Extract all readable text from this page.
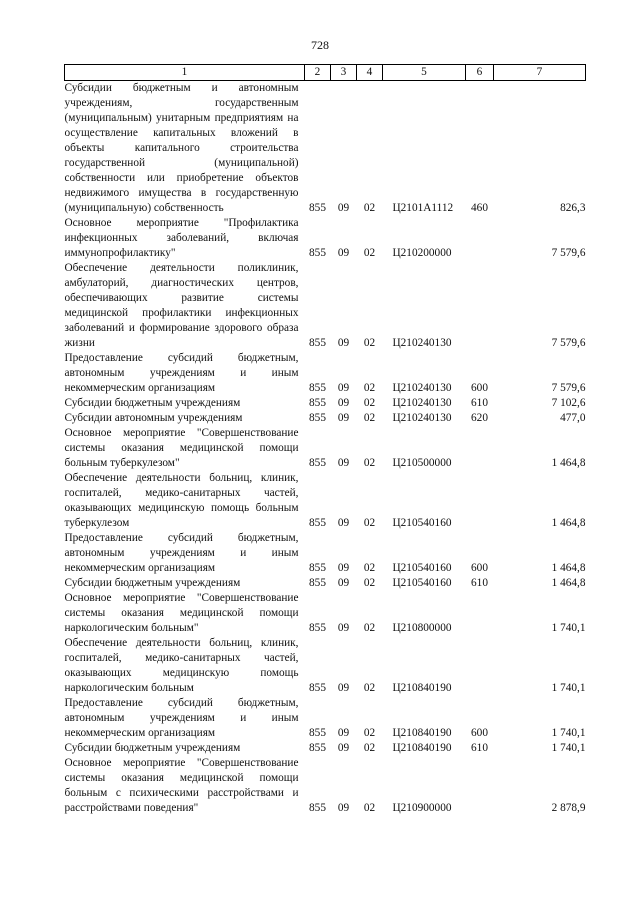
728
1	2	3	4	5	6	7
Субсидии бюджетным и автономным учреждениям, государственным (муниципальным) унитарным предприятиям на осуществление капитальных вложений в объекты капитального строительства государственной (муниципальной) собственности или приобретение объектов недвижимого имущества в государственную (муниципальную) собственность	855	09	02	Ц2101А1112	460	826,3
Основное мероприятие "Профилактика инфекционных заболеваний, включая иммунопрофилактику"	855	09	02	Ц210200000		7 579,6
Обеспечение деятельности поликлиник, амбулаторий, диагностических центров, обеспечивающих развитие системы медицинской профилактики инфекционных заболеваний и формирование здорового образа жизни	855	09	02	Ц210240130		7 579,6
Предоставление субсидий бюджетным, автономным учреждениям и иным некоммерческим организациям	855	09	02	Ц210240130	600	7 579,6
Субсидии бюджетным учреждениям	855	09	02	Ц210240130	610	7 102,6
Субсидии автономным учреждениям	855	09	02	Ц210240130	620	477,0
Основное мероприятие "Совершенствование системы оказания медицинской помощи больным туберкулезом"	855	09	02	Ц210500000		1 464,8
Обеспечение деятельности больниц, клиник, госпиталей, медико-санитарных частей, оказывающих медицинскую помощь больным туберкулезом	855	09	02	Ц210540160		1 464,8
Предоставление субсидий бюджетным, автономным учреждениям и иным некоммерческим организациям	855	09	02	Ц210540160	600	1 464,8
Субсидии бюджетным учреждениям	855	09	02	Ц210540160	610	1 464,8
Основное мероприятие "Совершенствование системы оказания медицинской помощи наркологическим больным"	855	09	02	Ц210800000		1 740,1
Обеспечение деятельности больниц, клиник, госпиталей, медико-санитарных частей, оказывающих медицинскую помощь наркологическим больным	855	09	02	Ц210840190		1 740,1
Предоставление субсидий бюджетным, автономным учреждениям и иным некоммерческим организациям	855	09	02	Ц210840190	600	1 740,1
Субсидии бюджетным учреждениям	855	09	02	Ц210840190	610	1 740,1
Основное мероприятие "Совершенствование системы оказания медицинской помощи больным с психическими расстройствами и расстройствами поведения"	855	09	02	Ц210900000		2 878,9
